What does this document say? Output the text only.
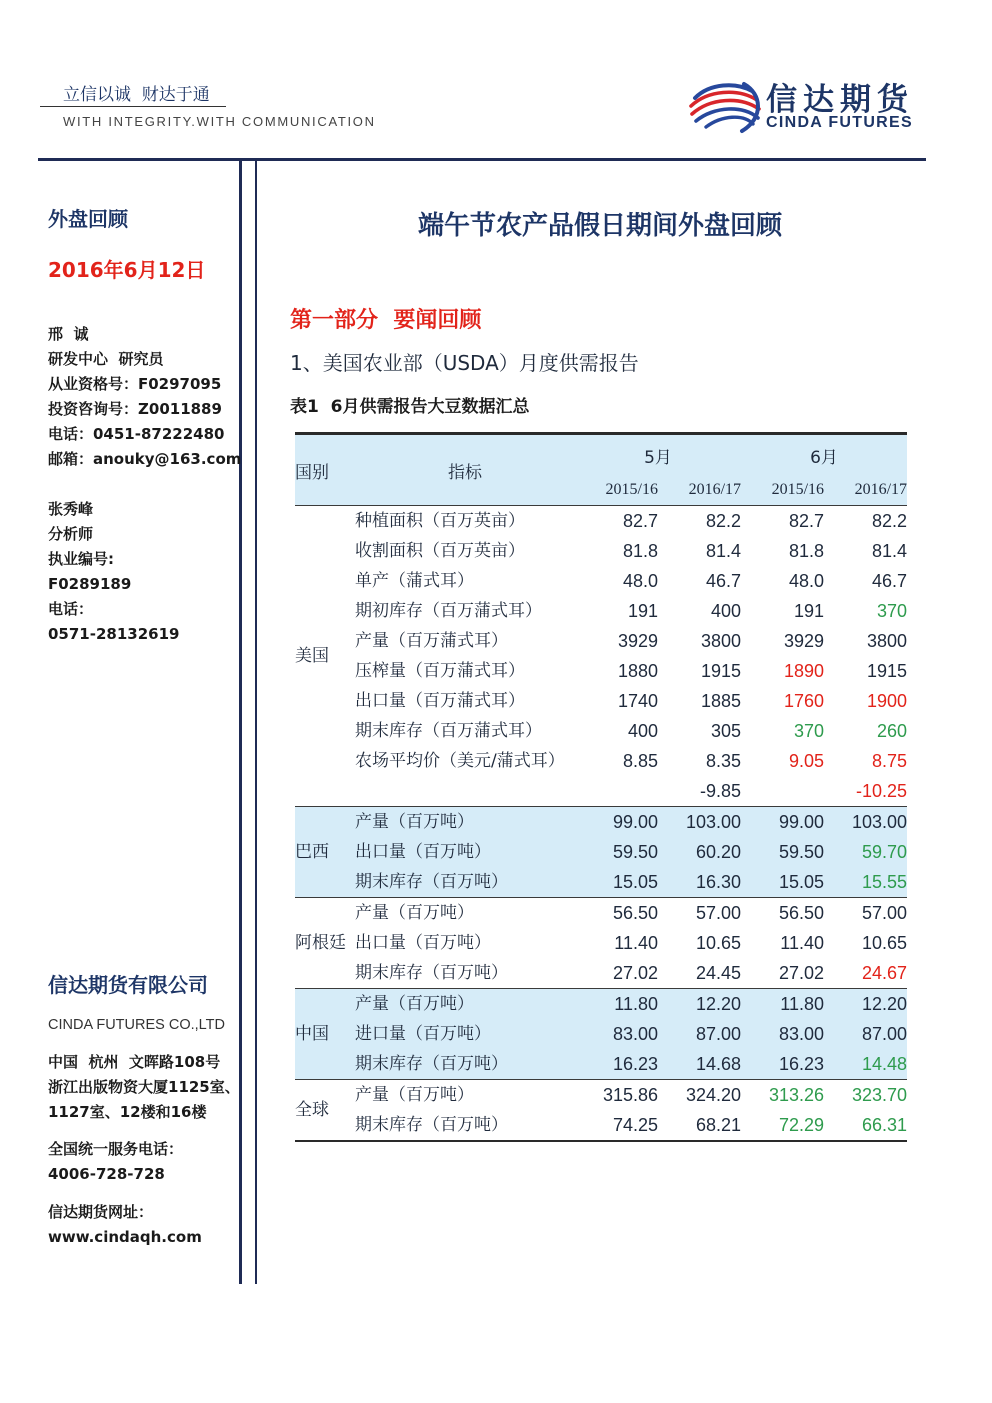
立信以诚  财达于通
WITH INTEGRITY.WITH COMMUNICATION
信达期货
CINDA FUTURES
外盘回顾
2016年6月12日
邢  诚
研发中心  研究员
从业资格号：F0297095
投资咨询号：Z0011889
电话：0451-87222480
邮箱：anouky@163.com
张秀峰
分析师
执业编号:
F0289189
电话：
0571-28132619
信达期货有限公司
CINDA FUTURES CO.,LTD
中国  杭州  文晖路108号
浙江出版物资大厦1125室、
1127室、12楼和16楼
全国统一服务电话：
4006-728-728
信达期货网址：
www.cindaqh.com
端午节农产品假日期间外盘回顾
第一部分  要闻回顾
1、美国农业部（USDA）月度供需报告
表1  6月供需报告大豆数据汇总
国别	指标	5月		6月	
		2015/16	2016/17	2015/16	2016/17
美国	种植面积（百万英亩）	82.7	82.2	82.7	82.2
	收割面积（百万英亩）	81.8	81.4	81.8	81.4
	单产（蒲式耳）	48.0	46.7	48.0	46.7
	期初库存（百万蒲式耳）	191	400	191	370
	产量（百万蒲式耳）	3929	3800	3929	3800
	压榨量（百万蒲式耳）	1880	1915	1890	1915
	出口量（百万蒲式耳）	1740	1885	1760	1900
	期末库存（百万蒲式耳）	400	305	370	260
	农场平均价（美元/蒲式耳）	8.85	8.35	9.05	8.75
			-9.85		-10.25
巴西	产量（百万吨）	99.00	103.00	99.00	103.00
	出口量（百万吨）	59.50	60.20	59.50	59.70
	期末库存（百万吨）	15.05	16.30	15.05	15.55
阿根廷	产量（百万吨）	56.50	57.00	56.50	57.00
	出口量（百万吨）	11.40	10.65	11.40	10.65
	期末库存（百万吨）	27.02	24.45	27.02	24.67
中国	产量（百万吨）	11.80	12.20	11.80	12.20
	进口量（百万吨）	83.00	87.00	83.00	87.00
	期末库存（百万吨）	16.23	14.68	16.23	14.48
全球	产量（百万吨）	315.86	324.20	313.26	323.70
	期末库存（百万吨）	74.25	68.21	72.29	66.31
